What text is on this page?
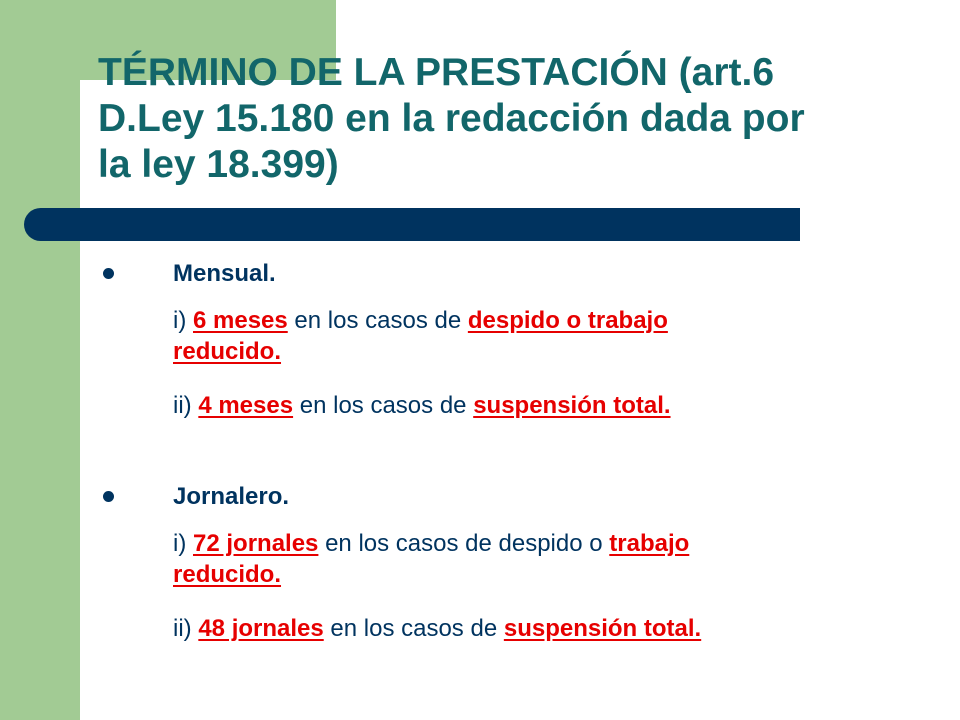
TÉRMINO DE LA PRESTACIÓN (art.6
D.Ley 15.180 en la redacción dada por
la ley 18.399)
Mensual.
i) 6 meses en los casos de despido o trabajo
reducido.
ii) 4 meses en los casos de suspensión total.
Jornalero.
i) 72 jornales en los casos de despido o trabajo
reducido.
ii) 48 jornales en los casos de suspensión total.
